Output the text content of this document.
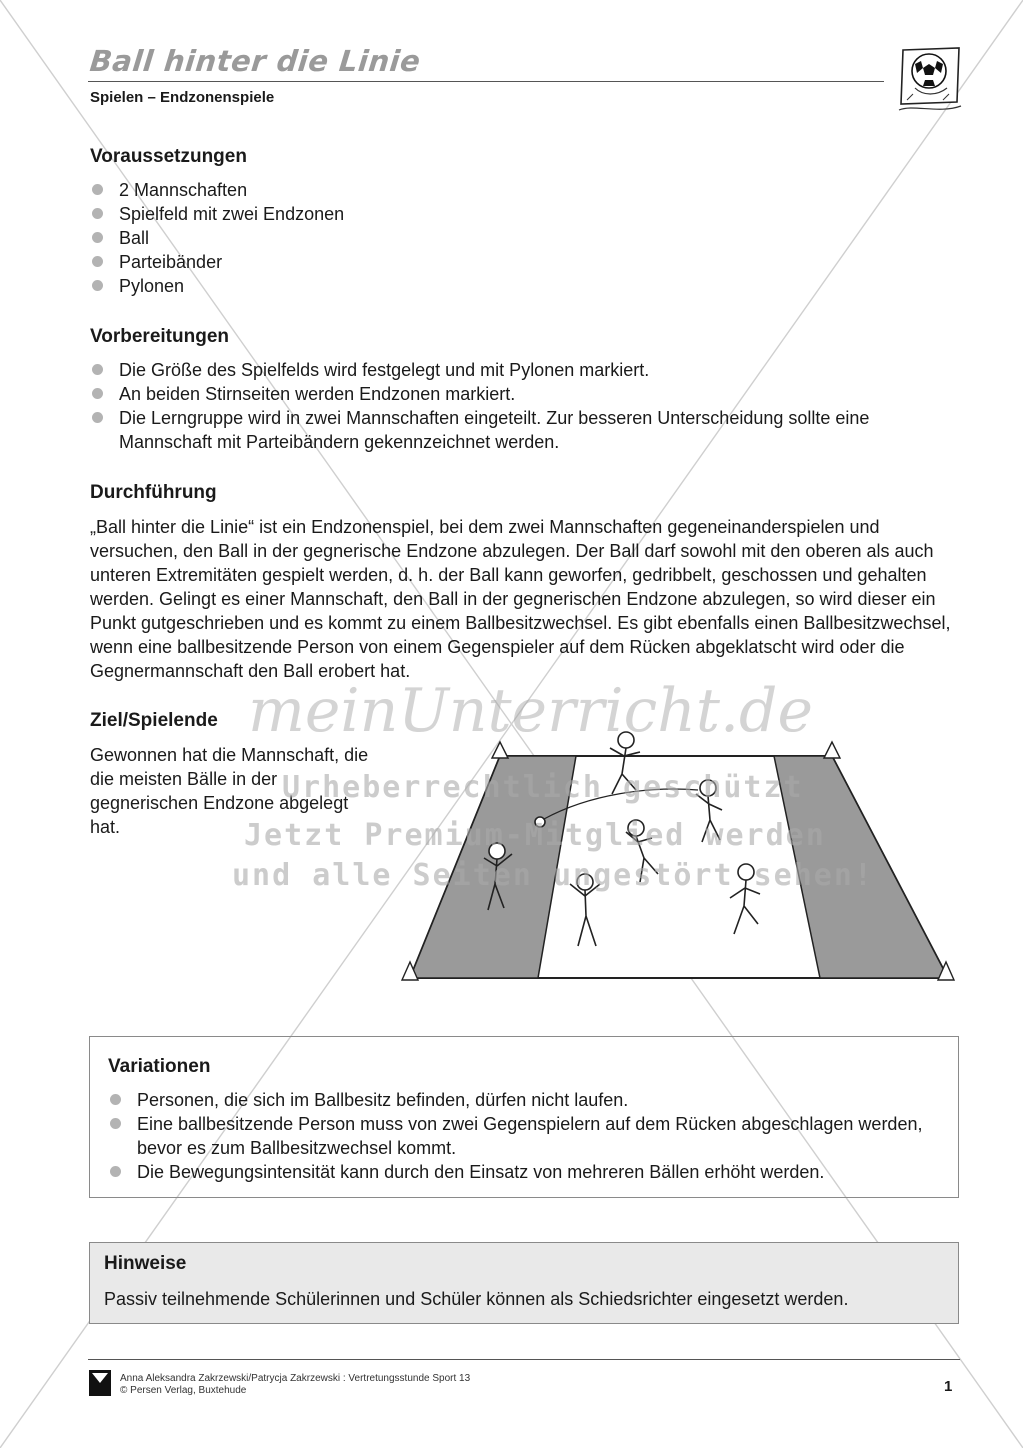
Ball hinter die Linie
Spielen – Endzonenspiele
Voraussetzungen
2 Mannschaften
Spielfeld mit zwei Endzonen
Ball
Parteibänder
Pylonen
Vorbereitungen
Die Größe des Spielfelds wird festgelegt und mit Pylonen markiert.
An beiden Stirnseiten werden Endzonen markiert.
Die Lerngruppe wird in zwei Mannschaften eingeteilt. Zur besseren Unterscheidung sollte eine Mannschaft mit Parteibändern gekennzeichnet werden.
Durchführung
„Ball hinter die Linie“ ist ein Endzonenspiel, bei dem zwei Mannschaften gegeneinanderspielen und versuchen, den Ball in der gegnerische Endzone abzulegen. Der Ball darf sowohl mit den oberen als auch unteren Extremitäten gespielt werden, d. h. der Ball kann geworfen, gedribbelt, geschossen und gehalten werden. Gelingt es einer Mannschaft, den Ball in der gegnerischen Endzone abzulegen, so wird dieser ein Punkt gutgeschrieben und es kommt zu einem Ballbesitzwechsel. Es gibt ebenfalls einen Ballbesitzwechsel, wenn eine ballbesitzende Person von einem Gegenspieler auf dem Rücken abgeklatscht wird oder die Gegnermannschaft den Ball erobert hat.
Ziel/Spielende
Gewonnen hat die Mannschaft, die die meisten Bälle in der gegnerischen Endzone abgelegt hat.
meinUnterricht.de
Urheberrechtlich geschützt
Jetzt Premium-Mitglied werden
und alle Seiten ungestört sehen!
Variationen
Personen, die sich im Ballbesitz befinden, dürfen nicht laufen.
Eine ballbesitzende Person muss von zwei Gegenspielern auf dem Rücken abgeschlagen werden, bevor es zum Ballbesitzwechsel kommt.
Die Bewegungsintensität kann durch den Einsatz von mehreren Bällen erhöht werden.
Hinweise
Passiv teilnehmende Schülerinnen und Schüler können als Schiedsrichter eingesetzt werden.
Anna Aleksandra Zakrzewski/Patrycja Zakrzewski : Vertretungsstunde Sport 13
© Persen Verlag, Buxtehude	1
